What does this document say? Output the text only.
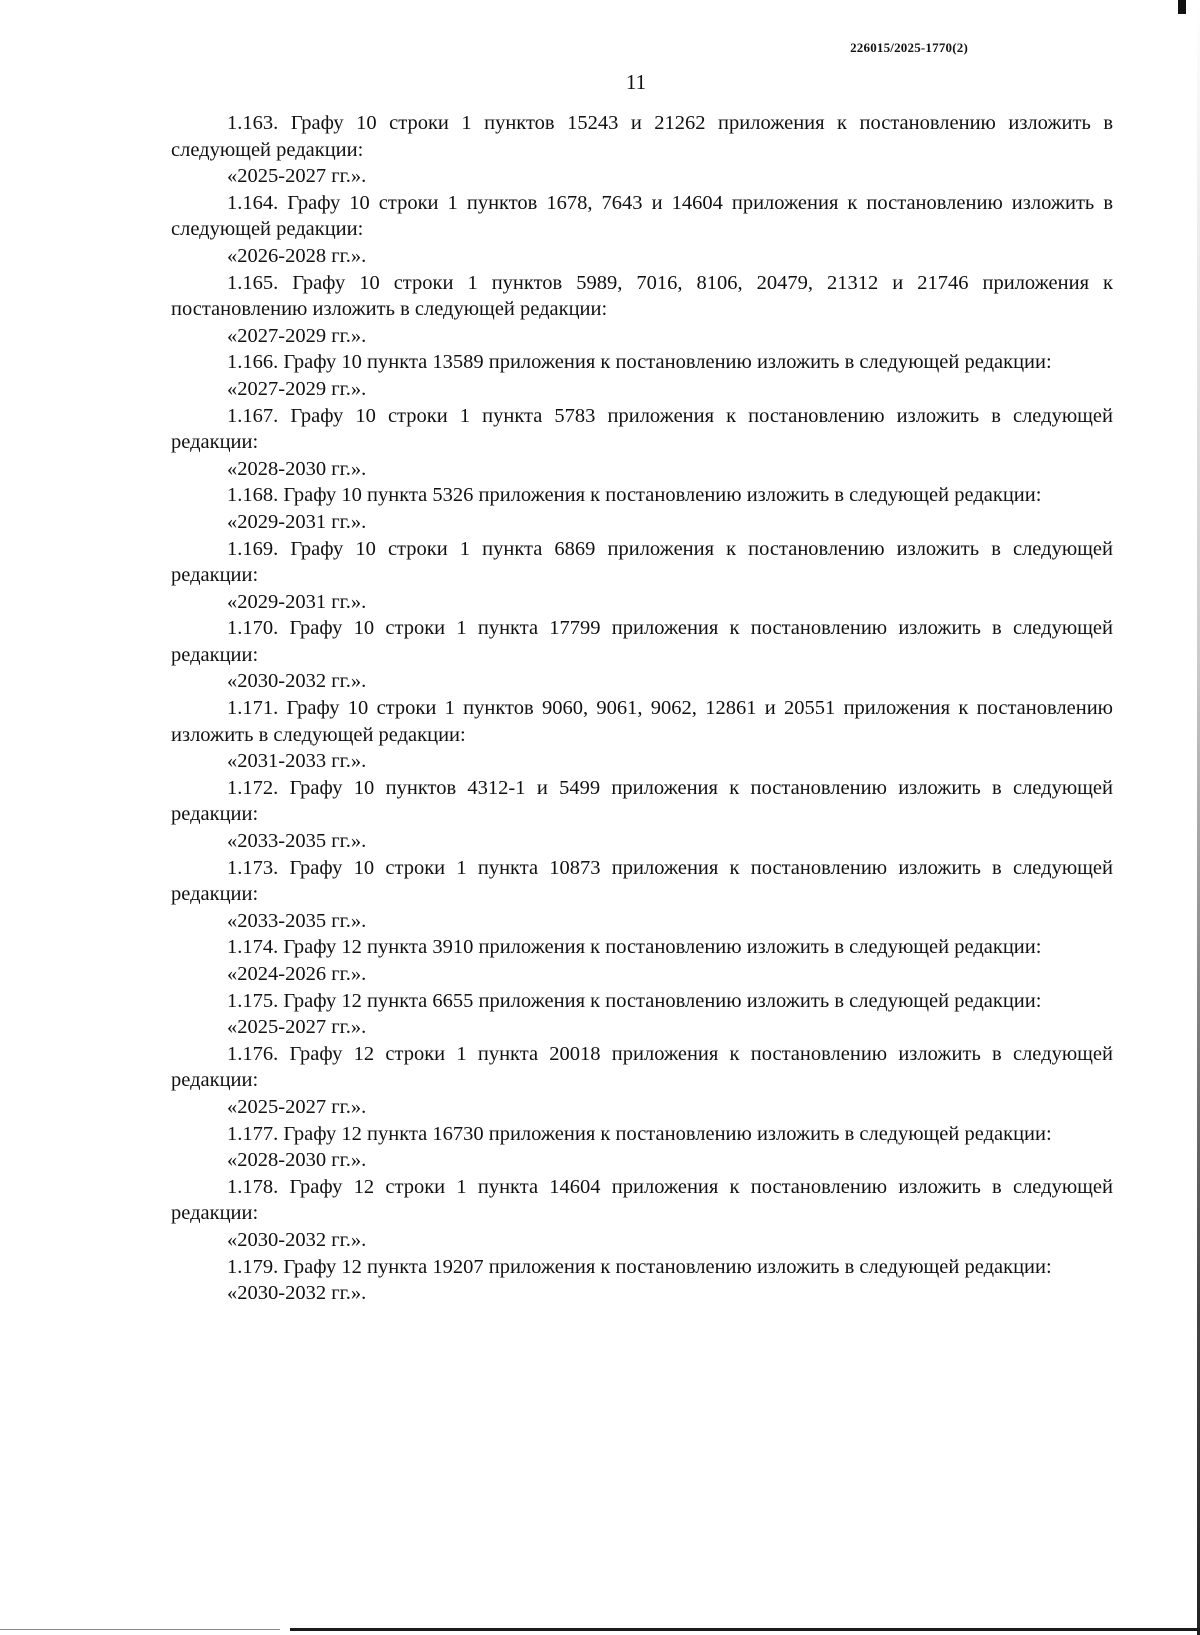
226015/2025-1770(2)
11

1.163. Графу 10 строки 1 пунктов 15243 и 21262 приложения к постановлению изложить в следующей редакции:

«2025-2027 гг.».

1.164. Графу 10 строки 1 пунктов 1678, 7643 и 14604 приложения к постановлению изложить в следующей редакции:

«2026-2028 гг.».

1.165. Графу 10 строки 1 пунктов 5989, 7016, 8106, 20479, 21312 и 21746 приложения к постановлению изложить в следующей редакции:

«2027-2029 гг.».

1.166. Графу 10 пункта 13589 приложения к постановлению изложить в следующей редакции:

«2027-2029 гг.».

1.167. Графу 10 строки 1 пункта 5783 приложения к постановлению изложить в следующей редакции:

«2028-2030 гг.».

1.168. Графу 10 пункта 5326 приложения к постановлению изложить в следующей редакции:

«2029-2031 гг.».

1.169. Графу 10 строки 1 пункта 6869 приложения к постановлению изложить в следующей редакции:

«2029-2031 гг.».

1.170. Графу 10 строки 1 пункта 17799 приложения к постановлению изложить в следующей редакции:

«2030-2032 гг.».

1.171. Графу 10 строки 1 пунктов 9060, 9061, 9062, 12861 и 20551 приложения к постановлению изложить в следующей редакции:

«2031-2033 гг.».

1.172. Графу 10 пунктов 4312-1 и 5499 приложения к постановлению изложить в следующей редакции:

«2033-2035 гг.».

1.173. Графу 10 строки 1 пункта 10873 приложения к постановлению изложить в следующей редакции:

«2033-2035 гг.».

1.174. Графу 12 пункта 3910 приложения к постановлению изложить в следующей редакции:

«2024-2026 гг.».

1.175. Графу 12 пункта 6655 приложения к постановлению изложить в следующей редакции:

«2025-2027 гг.».

1.176. Графу 12 строки 1 пункта 20018 приложения к постановлению изложить в следующей редакции:

«2025-2027 гг.».

1.177. Графу 12 пункта 16730 приложения к постановлению изложить в следующей редакции:

«2028-2030 гг.».

1.178. Графу 12 строки 1 пункта 14604 приложения к постановлению изложить в следующей редакции:

«2030-2032 гг.».

1.179. Графу 12 пункта 19207 приложения к постановлению изложить в следующей редакции:

«2030-2032 гг.».
